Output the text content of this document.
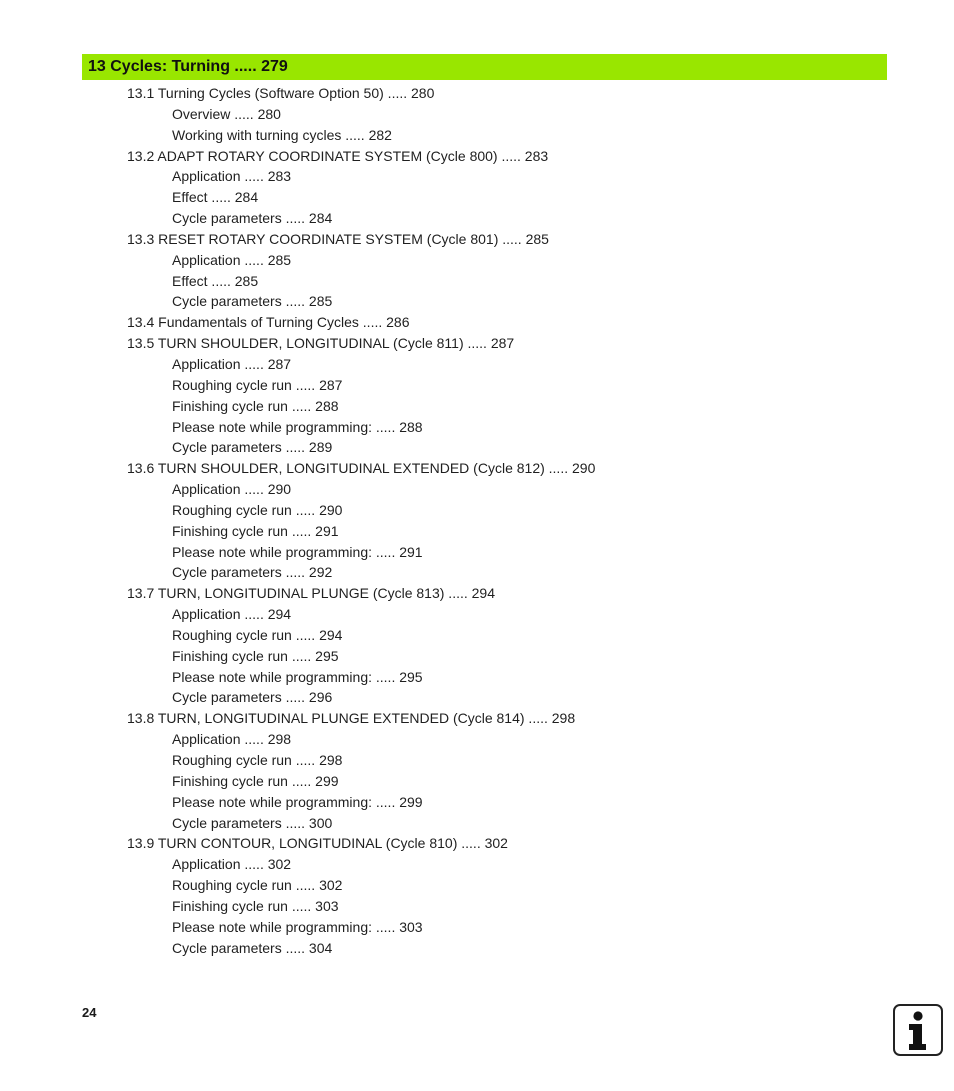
13 Cycles: Turning ..... 279
13.1 Turning Cycles (Software Option 50) ..... 280
Overview ..... 280
Working with turning cycles ..... 282
13.2 ADAPT ROTARY COORDINATE SYSTEM (Cycle 800) ..... 283
Application ..... 283
Effect ..... 284
Cycle parameters ..... 284
13.3 RESET ROTARY COORDINATE SYSTEM (Cycle 801) ..... 285
Application ..... 285
Effect ..... 285
Cycle parameters ..... 285
13.4 Fundamentals of Turning Cycles ..... 286
13.5 TURN SHOULDER, LONGITUDINAL (Cycle 811) ..... 287
Application ..... 287
Roughing cycle run ..... 287
Finishing cycle run ..... 288
Please note while programming: ..... 288
Cycle parameters ..... 289
13.6 TURN SHOULDER, LONGITUDINAL EXTENDED (Cycle 812) ..... 290
Application ..... 290
Roughing cycle run ..... 290
Finishing cycle run ..... 291
Please note while programming: ..... 291
Cycle parameters ..... 292
13.7 TURN, LONGITUDINAL PLUNGE (Cycle 813) ..... 294
Application ..... 294
Roughing cycle run ..... 294
Finishing cycle run ..... 295
Please note while programming: ..... 295
Cycle parameters ..... 296
13.8 TURN, LONGITUDINAL PLUNGE EXTENDED (Cycle 814) ..... 298
Application ..... 298
Roughing cycle run ..... 298
Finishing cycle run ..... 299
Please note while programming: ..... 299
Cycle parameters ..... 300
13.9 TURN CONTOUR, LONGITUDINAL (Cycle 810) ..... 302
Application ..... 302
Roughing cycle run ..... 302
Finishing cycle run ..... 303
Please note while programming: ..... 303
Cycle parameters ..... 304
24
